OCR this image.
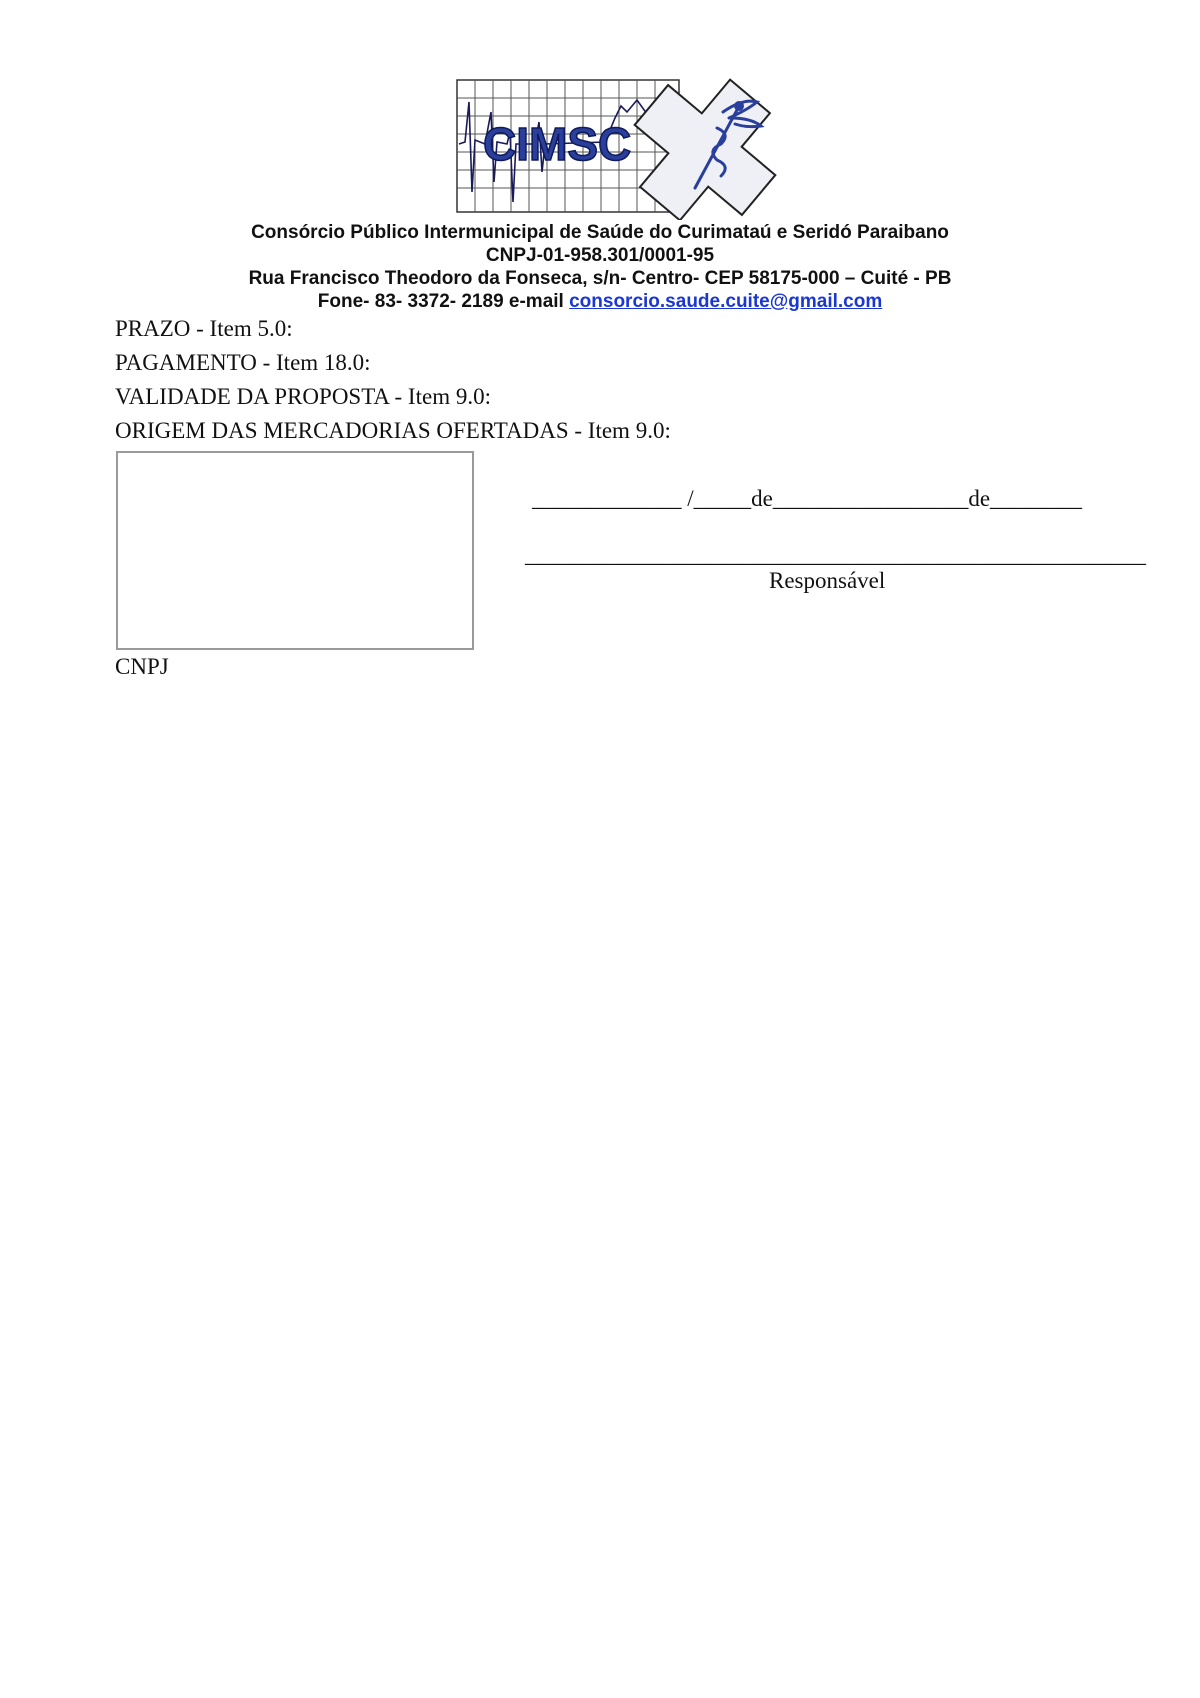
CIMSC
Consórcio Público Intermunicipal de Saúde do Curimataú e Seridó Paraibano
CNPJ-01-958.301/0001-95
Rua Francisco Theodoro da Fonseca, s/n- Centro- CEP 58175-000 – Cuité - PB
Fone- 83- 3372- 2189 e-mail consorcio.saude.cuite@gmail.com
PRAZO - Item 5.0:
PAGAMENTO - Item 18.0:
VALIDADE DA PROPOSTA - Item 9.0:
ORIGEM DAS MERCADORIAS OFERTADAS - Item 9.0:
CNPJ
_____________ /_____de_________________de________
______________________________________________________
Responsável
